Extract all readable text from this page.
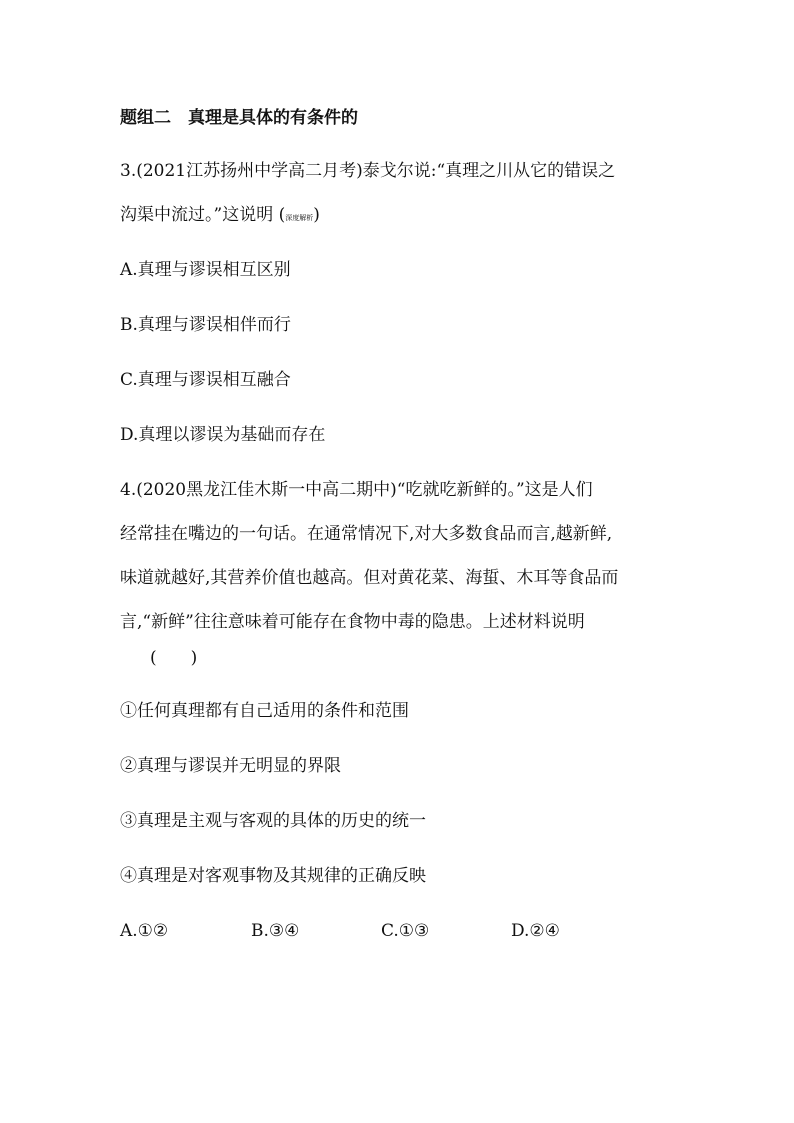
题组二　真理是具体的有条件的
3.(2021江苏扬州中学高二月考)泰戈尔说:“真理之川从它的错误之
沟渠中流过。”这说明 (深度解析)
A.真理与谬误相互区别
B.真理与谬误相伴而行
C.真理与谬误相互融合
D.真理以谬误为基础而存在
4.(2020黑龙江佳木斯一中高二期中)“吃就吃新鲜的。”这是人们
经常挂在嘴边的一句话。在通常情况下,对大多数食品而言,越新鲜,
味道就越好,其营养价值也越高。但对黄花菜、海蜇、木耳等食品而
言,“新鲜”往往意味着可能存在食物中毒的隐患。上述材料说明
(　　)
①任何真理都有自己适用的条件和范围
②真理与谬误并无明显的界限
③真理是主观与客观的具体的历史的统一
④真理是对客观事物及其规律的正确反映
A.①②	B.③④	C.①③	D.②④
